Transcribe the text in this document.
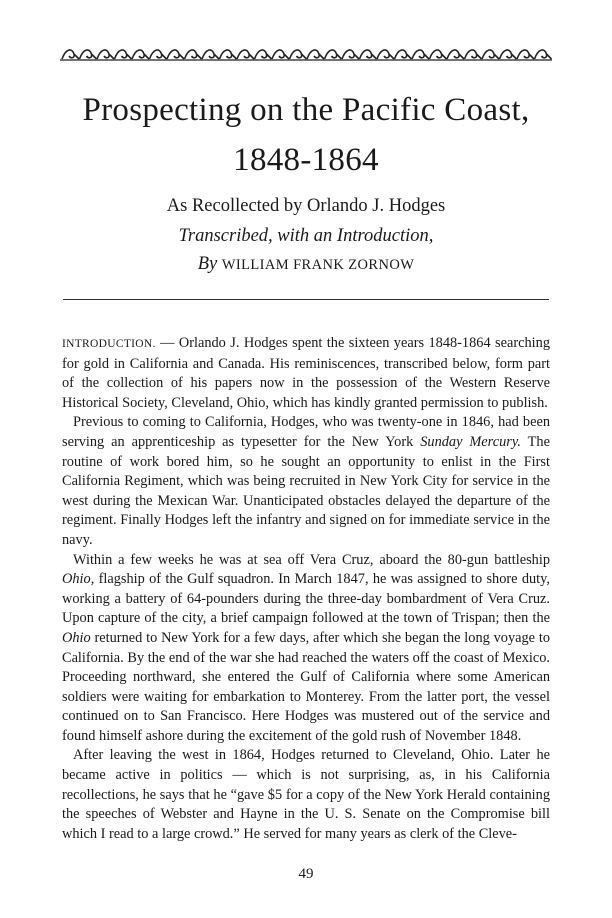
Prospecting on the Pacific Coast,
1848-1864
As Recollected by Orlando J. Hodges
Transcribed, with an Introduction,
By WILLIAM FRANK ZORNOW

INTRODUCTION. — Orlando J. Hodges spent the sixteen years 1848-1864 searching for gold in California and Canada. His reminiscences, transcribed below, form part of the collection of his papers now in the possession of the Western Reserve Historical Society, Cleveland, Ohio, which has kindly granted permission to publish.

Previous to coming to California, Hodges, who was twenty-one in 1846, had been serving an apprenticeship as typesetter for the New York Sunday Mercury. The routine of work bored him, so he sought an opportunity to enlist in the First California Regiment, which was being recruited in New York City for service in the west during the Mexican War. Unanticipated obstacles delayed the departure of the regiment. Finally Hodges left the infantry and signed on for immediate service in the navy.

Within a few weeks he was at sea off Vera Cruz, aboard the 80-gun battleship Ohio, flagship of the Gulf squadron. In March 1847, he was assigned to shore duty, working a battery of 64-pounders during the three-day bombardment of Vera Cruz. Upon capture of the city, a brief campaign followed at the town of Trispan; then the Ohio returned to New York for a few days, after which she began the long voyage to California. By the end of the war she had reached the waters off the coast of Mexico. Proceeding northward, she entered the Gulf of California where some American soldiers were waiting for embarkation to Monterey. From the latter port, the vessel continued on to San Francisco. Here Hodges was mustered out of the service and found himself ashore during the excitement of the gold rush of November 1848.

After leaving the west in 1864, Hodges returned to Cleveland, Ohio. Later he became active in politics — which is not surprising, as, in his California recollections, he says that he “gave $5 for a copy of the New York Herald containing the speeches of Webster and Hayne in the U. S. Senate on the Compromise bill which I read to a large crowd.” He served for many years as clerk of the Cleve-

49
